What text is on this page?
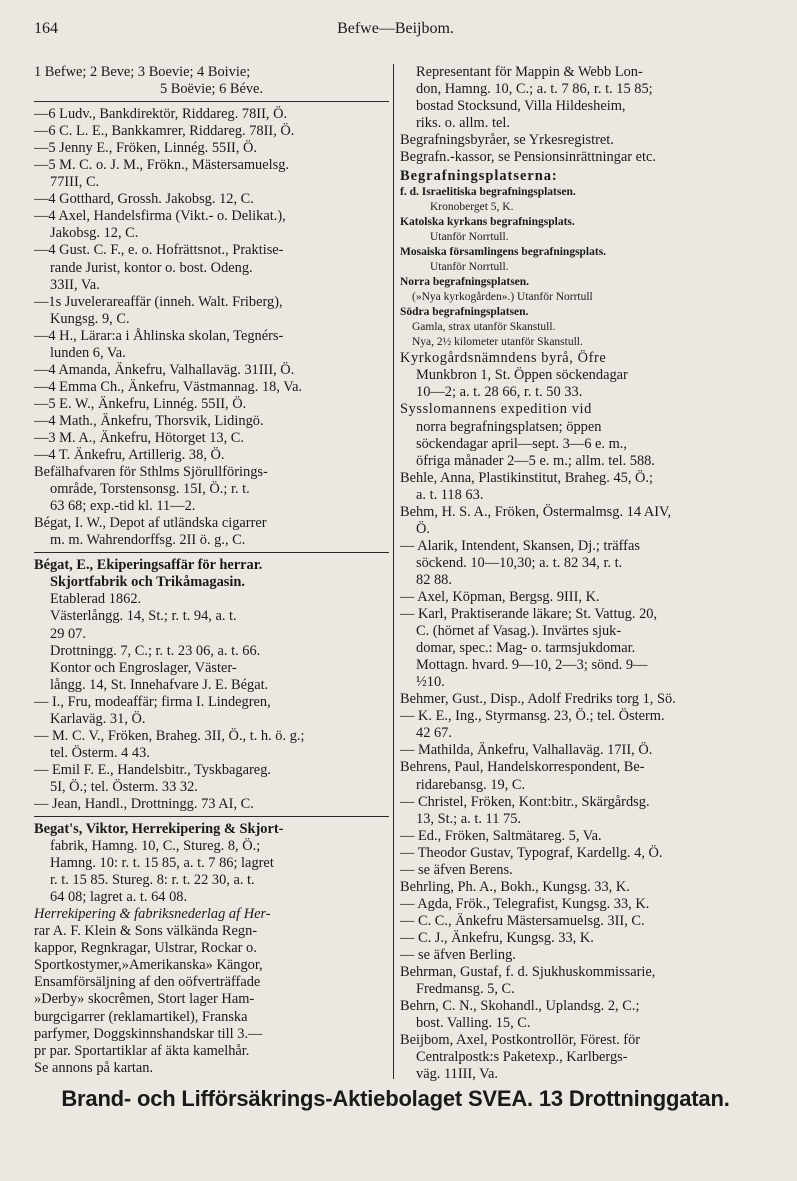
164	Befwe—Beijbom.
1 Befwe; 2 Beve; 3 Boevie; 4 Boivie;
5 Boëvie; 6 Béve.
—6 Ludv., Bankdirektör, Riddareg. 78II, Ö.
—6 C. L. E., Bankkamrer, Riddareg. 78II, Ö.
—5 Jenny E., Fröken, Linnég. 55II, Ö.
—5 M. C. o. J. M., Frökn., Mästersamuelsg.
77III, C.
—4 Gotthard, Grossh. Jakobsg. 12, C.
—4 Axel, Handelsfirma (Vikt.- o. Delikat.),
Jakobsg. 12, C.
—4 Gust. C. F., e. o. Hofrättsnot., Praktise-
rande Jurist, kontor o. bost. Odeng.
33II, Va.
—1s Juvelerareaffär (inneh. Walt. Friberg),
Kungsg. 9, C.
—4 H., Lärar:a i Åhlinska skolan, Tegnérs-
lunden 6, Va.
—4 Amanda, Änkefru, Valhallaväg. 31III, Ö.
—4 Emma Ch., Änkefru, Västmannag. 18, Va.
—5 E. W., Änkefru, Linnég. 55II, Ö.
—4 Math., Änkefru, Thorsvik, Lidingö.
—3 M. A., Änkefru, Hötorget 13, C.
—4 T. Änkefru, Artillerig. 38, Ö.
Befälhafvaren för Sthlms Sjörullförings-
område, Torstensonsg. 15I, Ö.; r. t.
63 68; exp.-tid kl. 11—2.
Bégat, I. W., Depot af utländska cigarrer
m. m. Wahrendorffsg. 2II ö. g., C.
Bégat, E., Ekiperingsaffär för herrar.
Skjortfabrik och Trikåmagasin.
Etablerad 1862.
Västerlångg. 14, St.; r. t. 94, a. t.
29 07.
Drottningg. 7, C.; r. t. 23 06, a. t. 66.
Kontor och Engroslager, Väster-
långg. 14, St. Innehafvare J. E. Bégat.
— I., Fru, modeaffär; firma I. Lindegren,
Karlaväg. 31, Ö.
— M. C. V., Fröken, Braheg. 3II, Ö., t. h. ö. g.;
tel. Österm. 4 43.
— Emil F. E., Handelsbitr., Tyskbagareg.
5I, Ö.; tel. Österm. 33 32.
— Jean, Handl., Drottningg. 73 AI, C.
Begat's, Viktor, Herrekipering & Skjort-
fabrik, Hamng. 10, C., Stureg. 8, Ö.;
Hamng. 10: r. t. 15 85, a. t. 7 86; lagret
r. t. 15 85. Stureg. 8: r. t. 22 30, a. t.
64 08; lagret a. t. 64 08.
Herrekipering & fabriksnederlag af Her-
rar A. F. Klein & Sons välkända Regn-
kappor, Regnkragar, Ulstrar, Rockar o.
Sportkostymer,»Amerikanska» Kängor,
Ensamförsäljning af den oöfverträffade
»Derby» skocrêmen, Stort lager Ham-
burgcigarrer (reklamartikel), Franska
parfymer, Doggskinnshandskar till 3.—
pr par. Sportartiklar af äkta kamelhår.
Se annons på kartan.
Representant för Mappin & Webb Lon-
don, Hamng. 10, C.; a. t. 7 86, r. t. 15 85;
bostad Stocksund, Villa Hildesheim,
riks. o. allm. tel.
Begrafningsbyråer, se Yrkesregistret.
Begrafn.-kassor, se Pensionsinrättningar etc.
Begrafningsplatserna:
f. d. Israelitiska begrafningsplatsen.
Kronoberget 5, K.
Katolska kyrkans begrafningsplats.
Utanför Norrtull.
Mosaiska församlingens begrafningsplats.
Utanför Norrtull.
Norra begrafningsplatsen.
(»Nya kyrkogården».) Utanför Norrtull
Södra begrafningsplatsen.
Gamla, strax utanför Skanstull.
Nya, 2½ kilometer utanför Skanstull.
Kyrkogårdsnämndens byrå, Öfre
Munkbron 1, St. Öppen söckendagar
10—2; a. t. 28 66, r. t. 50 33.
Sysslomannens expedition vid
norra begrafningsplatsen; öppen
söckendagar april—sept. 3—6 e. m.,
öfriga månader 2—5 e. m.; allm. tel. 588.
Behle, Anna, Plastikinstitut, Braheg. 45, Ö.;
a. t. 118 63.
Behm, H. S. A., Fröken, Östermalmsg. 14 AIV,
Ö.
— Alarik, Intendent, Skansen, Dj.; träffas
söckend. 10—10,30; a. t. 82 34, r. t.
82 88.
— Axel, Köpman, Bergsg. 9III, K.
— Karl, Praktiserande läkare; St. Vattug. 20,
C. (hörnet af Vasag.). Invärtes sjuk-
domar, spec.: Mag- o. tarmsjukdomar.
Mottagn. hvard. 9—10, 2—3; sönd. 9—
½10.
Behmer, Gust., Disp., Adolf Fredriks torg 1, Sö.
— K. E., Ing., Styrmansg. 23, Ö.; tel. Österm.
42 67.
— Mathilda, Änkefru, Valhallaväg. 17II, Ö.
Behrens, Paul, Handelskorrespondent, Be-
ridarebansg. 19, C.
— Christel, Fröken, Kont:bitr., Skärgårdsg.
13, St.; a. t. 11 75.
— Ed., Fröken, Saltmätareg. 5, Va.
— Theodor Gustav, Typograf, Kardellg. 4, Ö.
— se äfven Berens.
Behrling, Ph. A., Bokh., Kungsg. 33, K.
— Agda, Frök., Telegrafist, Kungsg. 33, K.
— C. C., Änkefru Mästersamuelsg. 3II, C.
— C. J., Änkefru, Kungsg. 33, K.
— se äfven Berling.
Behrman, Gustaf, f. d. Sjukhuskommissarie,
Fredmansg. 5, C.
Behrn, C. N., Skohandl., Uplandsg. 2, C.;
bost. Valling. 15, C.
Beijbom, Axel, Postkontrollör, Förest. för
Centralpostk:s Paketexp., Karlbergs-
väg. 11III, Va.
Brand- och Lifförsäkrings-Aktiebolaget SVEA. 13 Drottninggatan.
